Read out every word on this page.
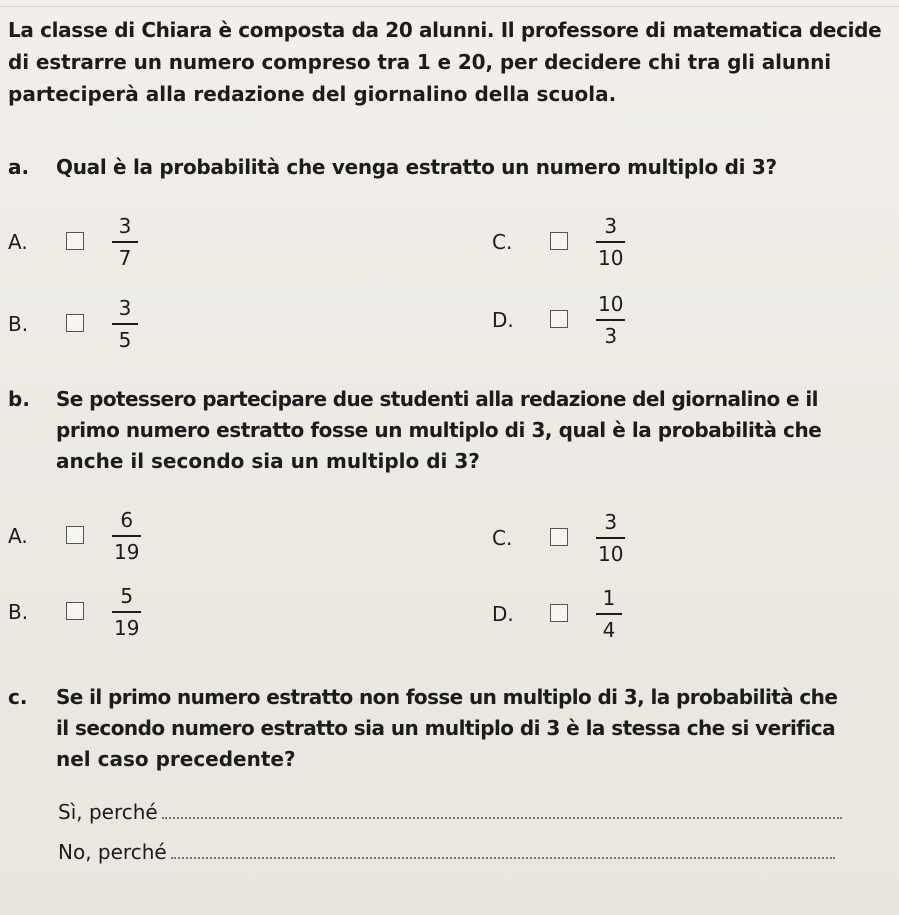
La classe di Chiara è composta da 20 alunni. Il professore di matematica decide
di estrarre un numero compreso tra 1 e 20, per decidere chi tra gli alunni
parteciperà alla redazione del giornalino della scuola.
a. Qual è la probabilità che venga estratto un numero multiplo di 3?
A.
3
7
B.
3
5
C.
3
10
D.
10
3
b. Se potessero partecipare due studenti alla redazione del giornalino e il
primo numero estratto fosse un multiplo di 3, qual è la probabilità che
anche il secondo sia un multiplo di 3?
A.
6
19
B.
5
19
C.
3
10
D.
1
4
c. Se il primo numero estratto non fosse un multiplo di 3, la probabilità che
il secondo numero estratto sia un multiplo di 3 è la stessa che si verifica
nel caso precedente?
Sì, perché
No, perché
